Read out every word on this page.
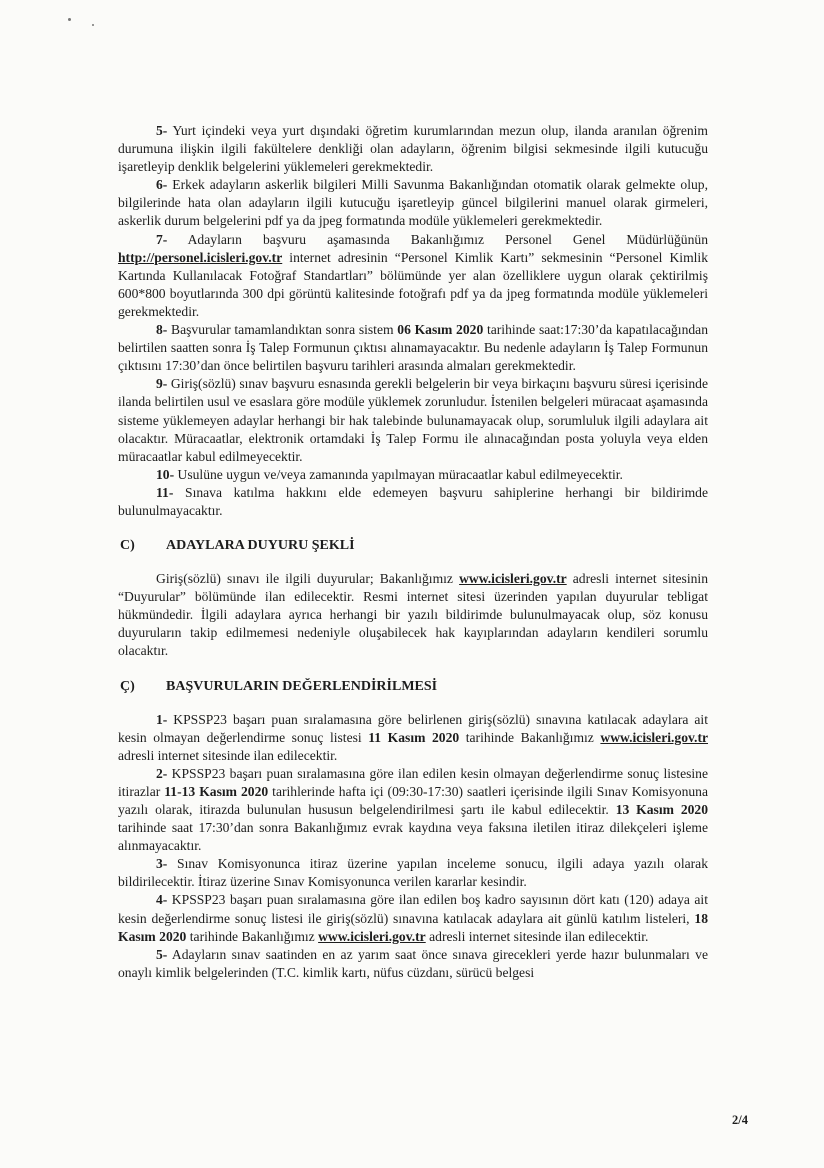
5- Yurt içindeki veya yurt dışındaki öğretim kurumlarından mezun olup, ilanda aranılan öğrenim durumuna ilişkin ilgili fakültelere denkliği olan adayların, öğrenim bilgisi sekmesinde ilgili kutucuğu işaretleyip denklik belgelerini yüklemeleri gerekmektedir.

6- Erkek adayların askerlik bilgileri Milli Savunma Bakanlığından otomatik olarak gelmekte olup, bilgilerinde hata olan adayların ilgili kutucuğu işaretleyip güncel bilgilerini manuel olarak girmeleri, askerlik durum belgelerini pdf ya da jpeg formatında modüle yüklemeleri gerekmektedir.

7- Adayların başvuru aşamasında Bakanlığımız Personel Genel Müdürlüğünün http://personel.icisleri.gov.tr internet adresinin “Personel Kimlik Kartı” sekmesinin “Personel Kimlik Kartında Kullanılacak Fotoğraf Standartları” bölümünde yer alan özelliklere uygun olarak çektirilmiş 600*800 boyutlarında 300 dpi görüntü kalitesinde fotoğrafı pdf ya da jpeg formatında modüle yüklemeleri gerekmektedir.

8- Başvurular tamamlandıktan sonra sistem 06 Kasım 2020 tarihinde saat:17:30’da kapatılacağından belirtilen saatten sonra İş Talep Formunun çıktısı alınamayacaktır. Bu nedenle adayların İş Talep Formunun çıktısını 17:30’dan önce belirtilen başvuru tarihleri arasında almaları gerekmektedir.

9- Giriş(sözlü) sınav başvuru esnasında gerekli belgelerin bir veya birkaçını başvuru süresi içerisinde ilanda belirtilen usul ve esaslara göre modüle yüklemek zorunludur. İstenilen belgeleri müracaat aşamasında sisteme yüklemeyen adaylar herhangi bir hak talebinde bulunamayacak olup, sorumluluk ilgili adaylara ait olacaktır. Müracaatlar, elektronik ortamdaki İş Talep Formu ile alınacağından posta yoluyla veya elden müracaatlar kabul edilmeyecektir.

10- Usulüne uygun ve/veya zamanında yapılmayan müracaatlar kabul edilmeyecektir.

11- Sınava katılma hakkını elde edemeyen başvuru sahiplerine herhangi bir bildirimde bulunulmayacaktır.

C)	ADAYLARA DUYURU ŞEKLİ

Giriş(sözlü) sınavı ile ilgili duyurular; Bakanlığımız www.icisleri.gov.tr adresli internet sitesinin “Duyurular” bölümünde ilan edilecektir. Resmi internet sitesi üzerinden yapılan duyurular tebligat hükmündedir. İlgili adaylara ayrıca herhangi bir yazılı bildirimde bulunulmayacak olup, söz konusu duyuruların takip edilmemesi nedeniyle oluşabilecek hak kayıplarından adayların kendileri sorumlu olacaktır.

Ç)	BAŞVURULARIN DEĞERLENDİRİLMESİ

1- KPSSP23 başarı puan sıralamasına göre belirlenen giriş(sözlü) sınavına katılacak adaylara ait kesin olmayan değerlendirme sonuç listesi 11 Kasım 2020 tarihinde Bakanlığımız www.icisleri.gov.tr adresli internet sitesinde ilan edilecektir.

2- KPSSP23 başarı puan sıralamasına göre ilan edilen kesin olmayan değerlendirme sonuç listesine itirazlar 11-13 Kasım 2020 tarihlerinde hafta içi (09:30-17:30) saatleri içerisinde ilgili Sınav Komisyonuna yazılı olarak, itirazda bulunulan hususun belgelendirilmesi şartı ile kabul edilecektir. 13 Kasım 2020 tarihinde saat 17:30’dan sonra Bakanlığımız evrak kaydına veya faksına iletilen itiraz dilekçeleri işleme alınmayacaktır.

3- Sınav Komisyonunca itiraz üzerine yapılan inceleme sonucu, ilgili adaya yazılı olarak bildirilecektir. İtiraz üzerine Sınav Komisyonunca verilen kararlar kesindir.

4- KPSSP23 başarı puan sıralamasına göre ilan edilen boş kadro sayısının dört katı (120) adaya ait kesin değerlendirme sonuç listesi ile giriş(sözlü) sınavına katılacak adaylara ait günlü katılım listeleri, 18 Kasım 2020 tarihinde Bakanlığımız www.icisleri.gov.tr adresli internet sitesinde ilan edilecektir.

5- Adayların sınav saatinden en az yarım saat önce sınava girecekleri yerde hazır bulunmaları ve onaylı kimlik belgelerinden (T.C. kimlik kartı, nüfus cüzdanı, sürücü belgesi

2/4
